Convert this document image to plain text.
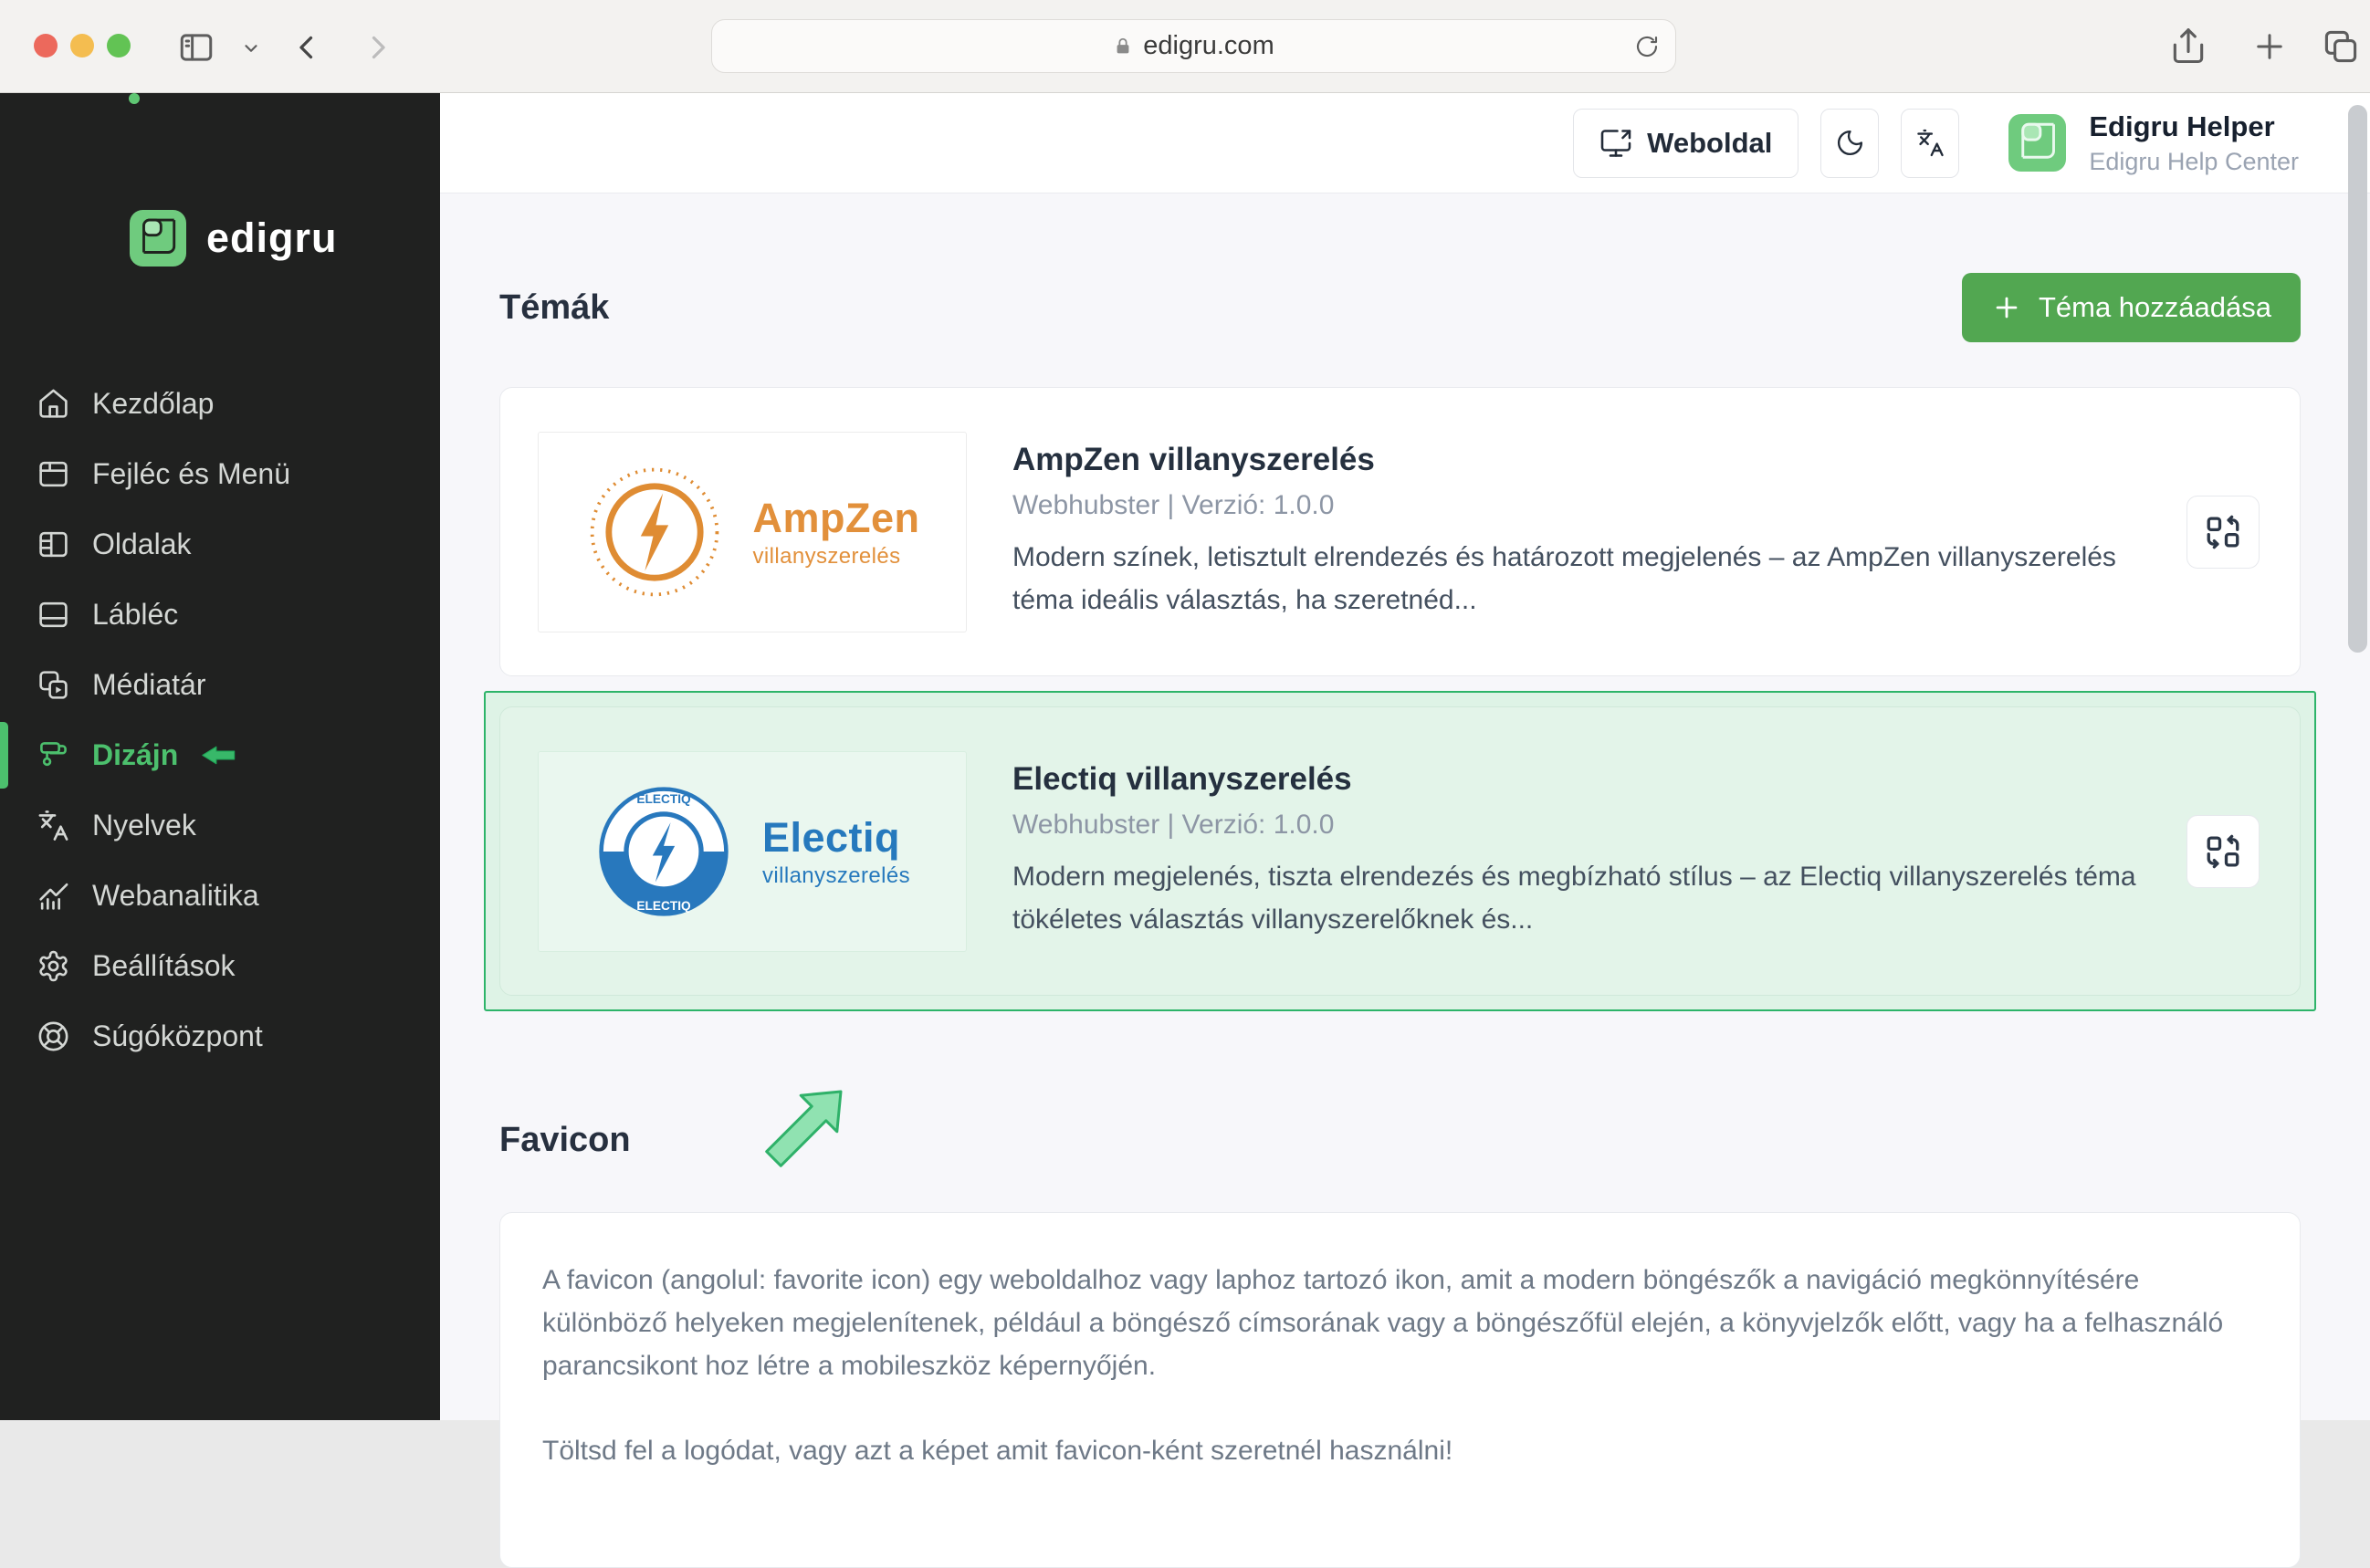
edigru.com
edigru
Kezdőlap
Fejléc és Menü
Oldalak
Lábléc
Médiatár
Dizájn
Nyelvek
Webanalitika
Beállítások
Súgóközpont
Weboldal
Edigru Helper
Edigru Help Center
Témák	Téma hozzáadása
AmpZen
villanyszerelés
AmpZen villanyszerelés
Webhubster | Verzió: 1.0.0
Modern színek, letisztult elrendezés és határozott megjelenés – az AmpZen villanyszerelés téma ideális választás, ha szeretnéd...
ELECTIQ
ELECTIQ
Electiq
villanyszerelés
Electiq villanyszerelés
Webhubster | Verzió: 1.0.0
Modern megjelenés, tiszta elrendezés és megbízható stílus – az Electiq villanyszerelés téma tökéletes választás villanyszerelőknek és...
Favicon

A favicon (angolul: favorite icon) egy weboldalhoz vagy laphoz tartozó ikon, amit a modern böngészők a navigáció megkönnyítésére különböző helyeken megjelenítenek, például a böngésző címsorának vagy a böngészőfül elején, a könyvjelzők előtt, vagy ha a felhasználó parancsikont hoz létre a mobileszköz képernyőjén.

Töltsd fel a logódat, vagy azt a képet amit favicon-ként szeretnél használni!
